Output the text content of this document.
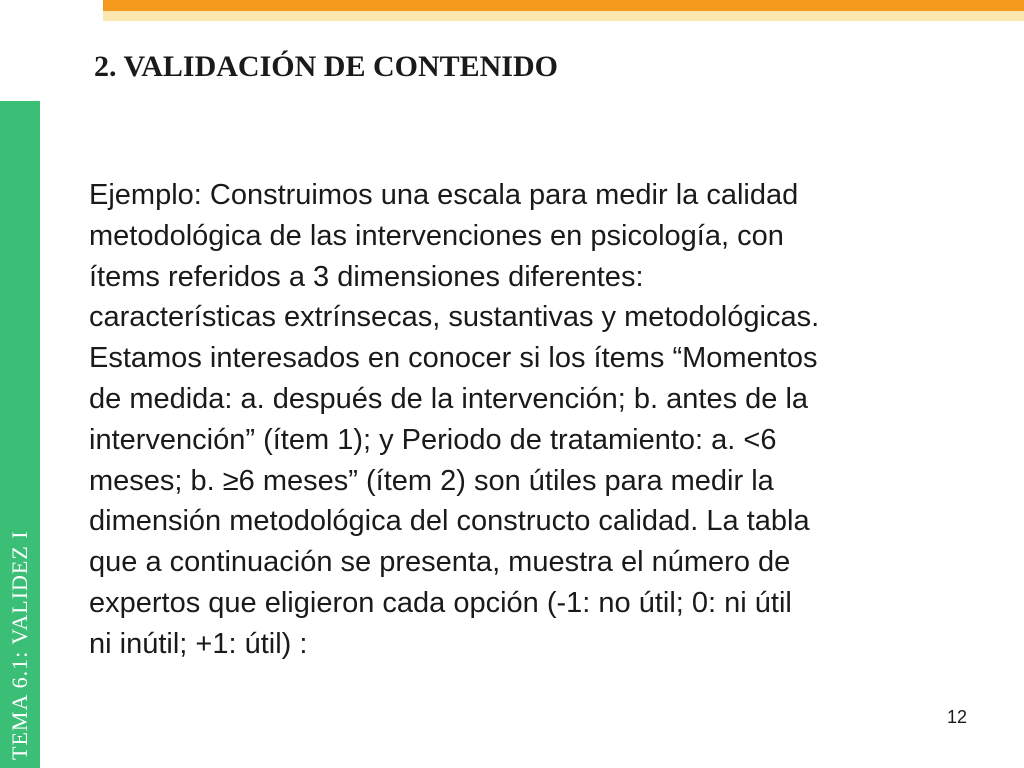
TEMA 6.1: VALIDEZ I
2. VALIDACIÓN DE CONTENIDO

Ejemplo: Construimos una escala para medir la calidad
metodológica de las intervenciones en psicología, con
ítems referidos a 3 dimensiones diferentes:
características extrínsecas, sustantivas y metodológicas.
Estamos interesados en conocer si los ítems “Momentos
de medida: a. después de la intervención; b. antes de la
intervención” (ítem 1); y Periodo de tratamiento: a. <6
meses; b. ≥6 meses” (ítem 2) son útiles para medir la
dimensión metodológica del constructo calidad. La tabla
que a continuación se presenta, muestra el número de
expertos que eligieron cada opción (-1: no útil; 0: ni útil
ni inútil; +1: útil) :

12
